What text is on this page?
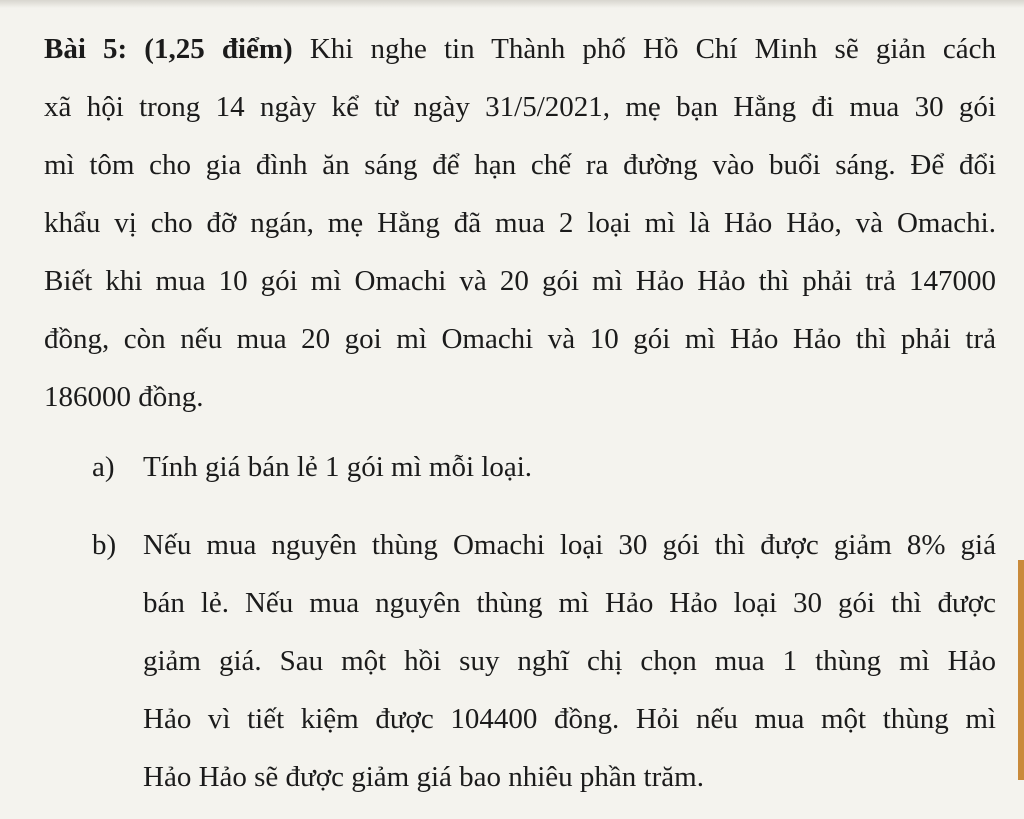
Bài 5: (1,25 điểm) Khi nghe tin Thành phố Hồ Chí Minh sẽ giản cách
xã hội trong 14 ngày kể từ ngày 31/5/2021, mẹ bạn Hằng đi mua 30 gói
mì tôm cho gia đình ăn sáng để hạn chế ra đường vào buổi sáng. Để đổi
khẩu vị cho đỡ ngán, mẹ Hằng đã mua 2 loại mì là Hảo Hảo, và Omachi.
Biết khi mua 10 gói mì Omachi và 20 gói mì Hảo Hảo thì phải trả 147000
đồng, còn nếu mua 20 goi mì Omachi và 10 gói mì Hảo Hảo thì phải trả
186000 đồng.
a) Tính giá bán lẻ 1 gói mì mỗi loại.
b) Nếu mua nguyên thùng Omachi loại 30 gói thì được giảm 8% giá
bán lẻ. Nếu mua nguyên thùng mì Hảo Hảo loại 30 gói thì được
giảm giá. Sau một hồi suy nghĩ chị chọn mua 1 thùng mì Hảo
Hảo vì tiết kiệm được 104400 đồng. Hỏi nếu mua một thùng mì
Hảo Hảo sẽ được giảm giá bao nhiêu phần trăm.
